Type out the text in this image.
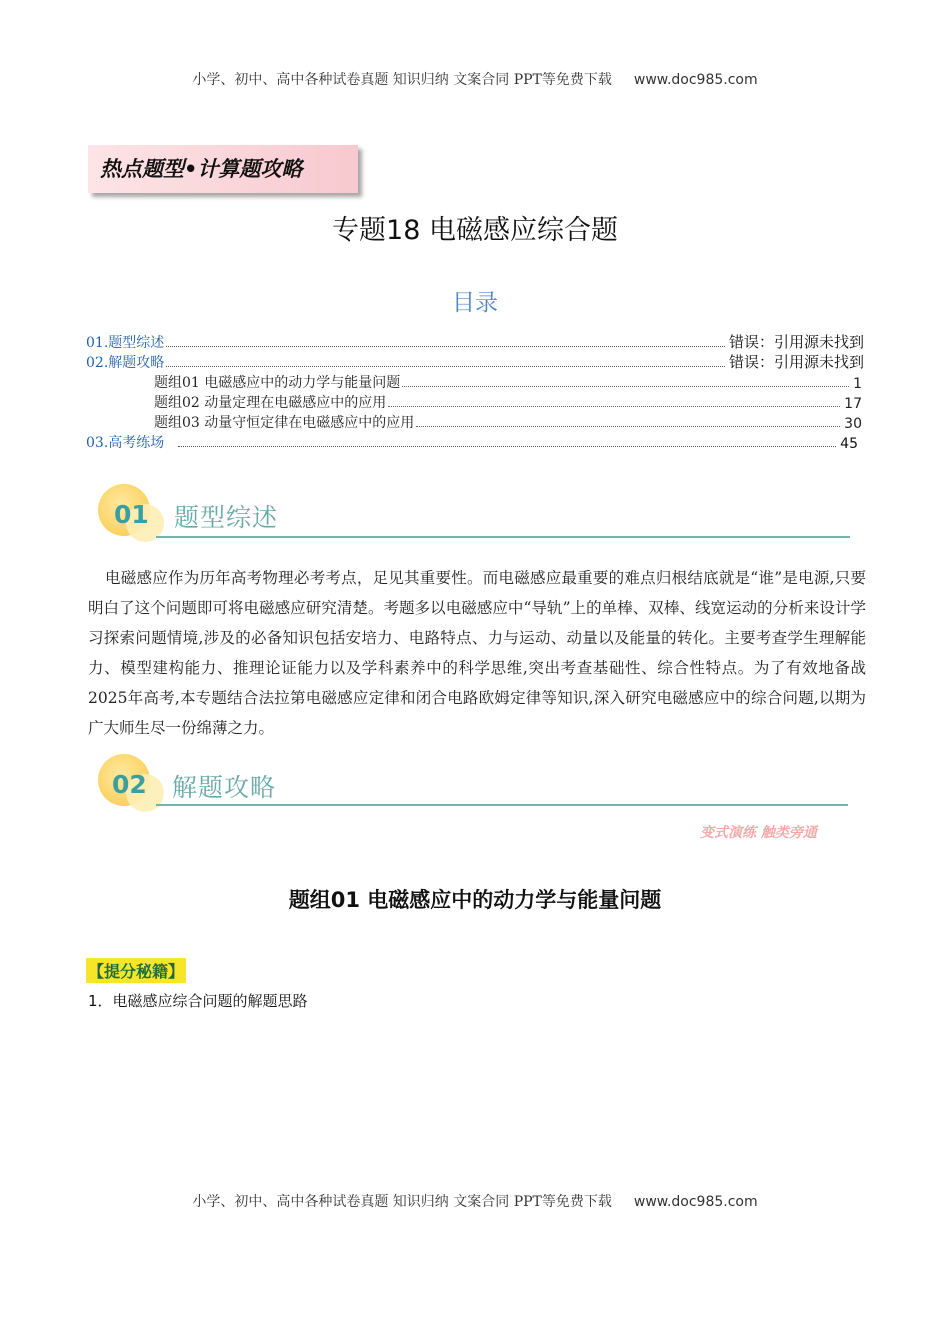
小学、初中、高中各种试卷真题 知识归纳 文案合同 PPT等免费下载 www.doc985.com
热点题型•计算题攻略
专题18 电磁感应综合题
目录
01.题型综述	错误：引用源未找到
02.解题攻略	错误：引用源未找到
题组01 电磁感应中的动力学与能量问题	1
题组02 动量定理在电磁感应中的应用	17
题组03 动量守恒定律在电磁感应中的应用	30
03.高考练场	45
01 题型综述

电磁感应作为历年高考物理必考考点，足见其重要性。而电磁感应最重要的难点归根结底就是“谁”是电源,只要明白了这个问题即可将电磁感应研究清楚。考题多以电磁感应中“导轨”上的单棒、双棒、线宽运动的分析来设计学习探索问题情境,涉及的必备知识包括安培力、电路特点、力与运动、动量以及能量的转化。主要考查学生理解能力、模型建构能力、推理论证能力以及学科素养中的科学思维,突出考查基础性、综合性特点。为了有效地备战2025年高考,本专题结合法拉第电磁感应定律和闭合电路欧姆定律等知识,深入研究电磁感应中的综合问题,以期为广大师生尽一份绵薄之力。

02 解题攻略
变式演练 触类旁通
题组01 电磁感应中的动力学与能量问题
【提分秘籍】
1．电磁感应综合问题的解题思路
小学、初中、高中各种试卷真题 知识归纳 文案合同 PPT等免费下载 www.doc985.com
